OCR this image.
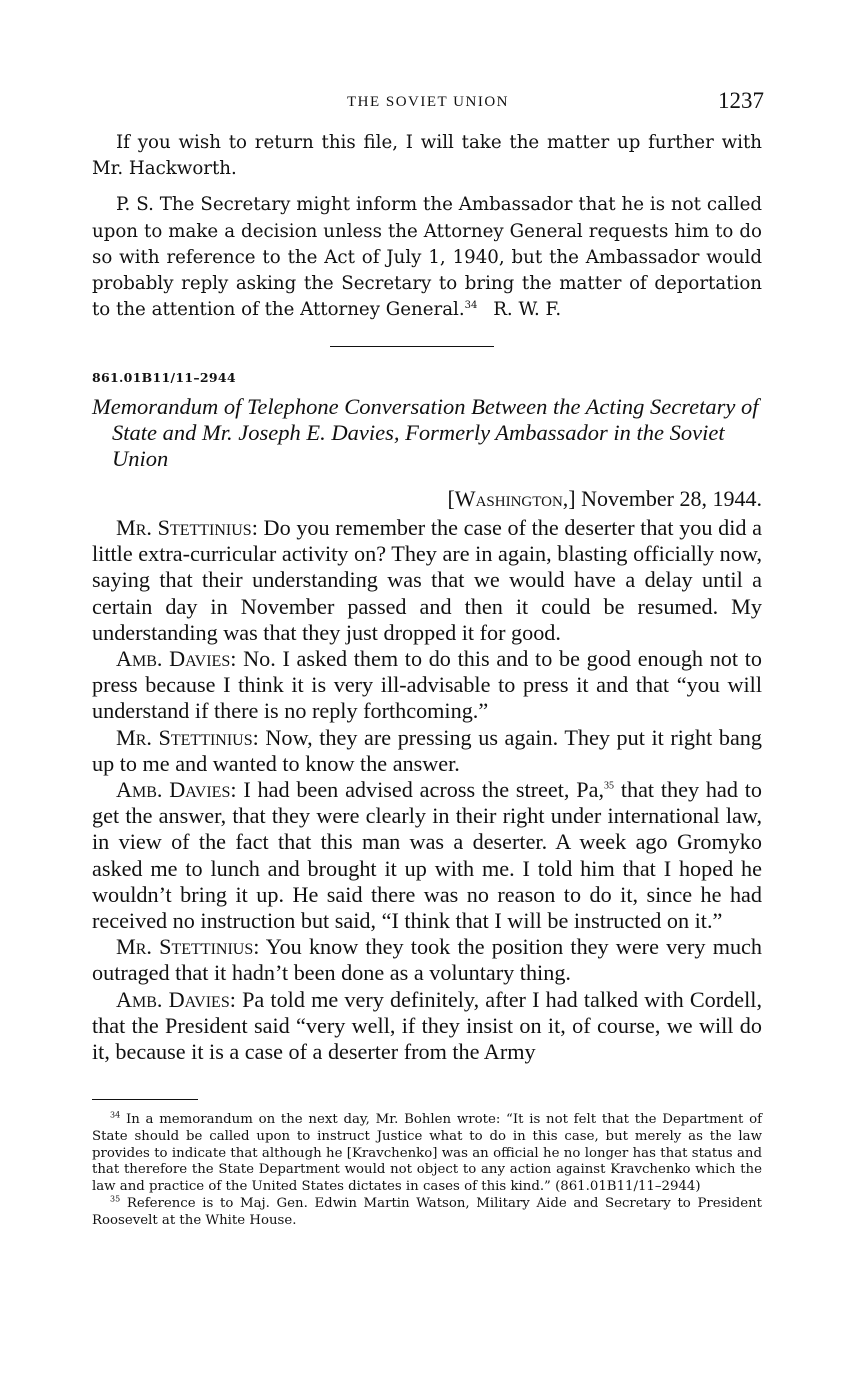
THE SOVIET UNION	1237

If you wish to return this file, I will take the matter up further with Mr. Hackworth.

P. S. The Secretary might inform the Ambassador that he is not called upon to make a decision unless the Attorney General requests him to do so with reference to the Act of July 1, 1940, but the Ambassador would probably reply asking the Secretary to bring the matter of deportation to the attention of the Attorney General.$^{34}$ R. W. F.

861.01B11/11–2944
Memorandum of Telephone Conversation Between the Acting Secretary of State and Mr. Joseph E. Davies, Formerly Ambassador in the Soviet Union
[Washington,] November 28, 1944.

Mr. Stettinius: Do you remember the case of the deserter that you did a little extra-curricular activity on? They are in again, blasting officially now, saying that their understanding was that we would have a delay until a certain day in November passed and then it could be resumed. My understanding was that they just dropped it for good.

Amb. Davies: No. I asked them to do this and to be good enough not to press because I think it is very ill-advisable to press it and that “you will understand if there is no reply forthcoming.”

Mr. Stettinius: Now, they are pressing us again. They put it right bang up to me and wanted to know the answer.

Amb. Davies: I had been advised across the street, Pa,$^{35}$ that they had to get the answer, that they were clearly in their right under international law, in view of the fact that this man was a deserter. A week ago Gromyko asked me to lunch and brought it up with me. I told him that I hoped he wouldn’t bring it up. He said there was no reason to do it, since he had received no instruction but said, “I think that I will be instructed on it.”

Mr. Stettinius: You know they took the position they were very much outraged that it hadn’t been done as a voluntary thing.

Amb. Davies: Pa told me very definitely, after I had talked with Cordell, that the President said “very well, if they insist on it, of course, we will do it, because it is a case of a deserter from the Army

$^{34}$ In a memorandum on the next day, Mr. Bohlen wrote: “It is not felt that the Department of State should be called upon to instruct Justice what to do in this case, but merely as the law provides to indicate that although he [Kravchenko] was an official he no longer has that status and that therefore the State Department would not object to any action against Kravchenko which the law and practice of the United States dictates in cases of this kind.” (861.01B11/11–2944)

$^{35}$ Reference is to Maj. Gen. Edwin Martin Watson, Military Aide and Secretary to President Roosevelt at the White House.
